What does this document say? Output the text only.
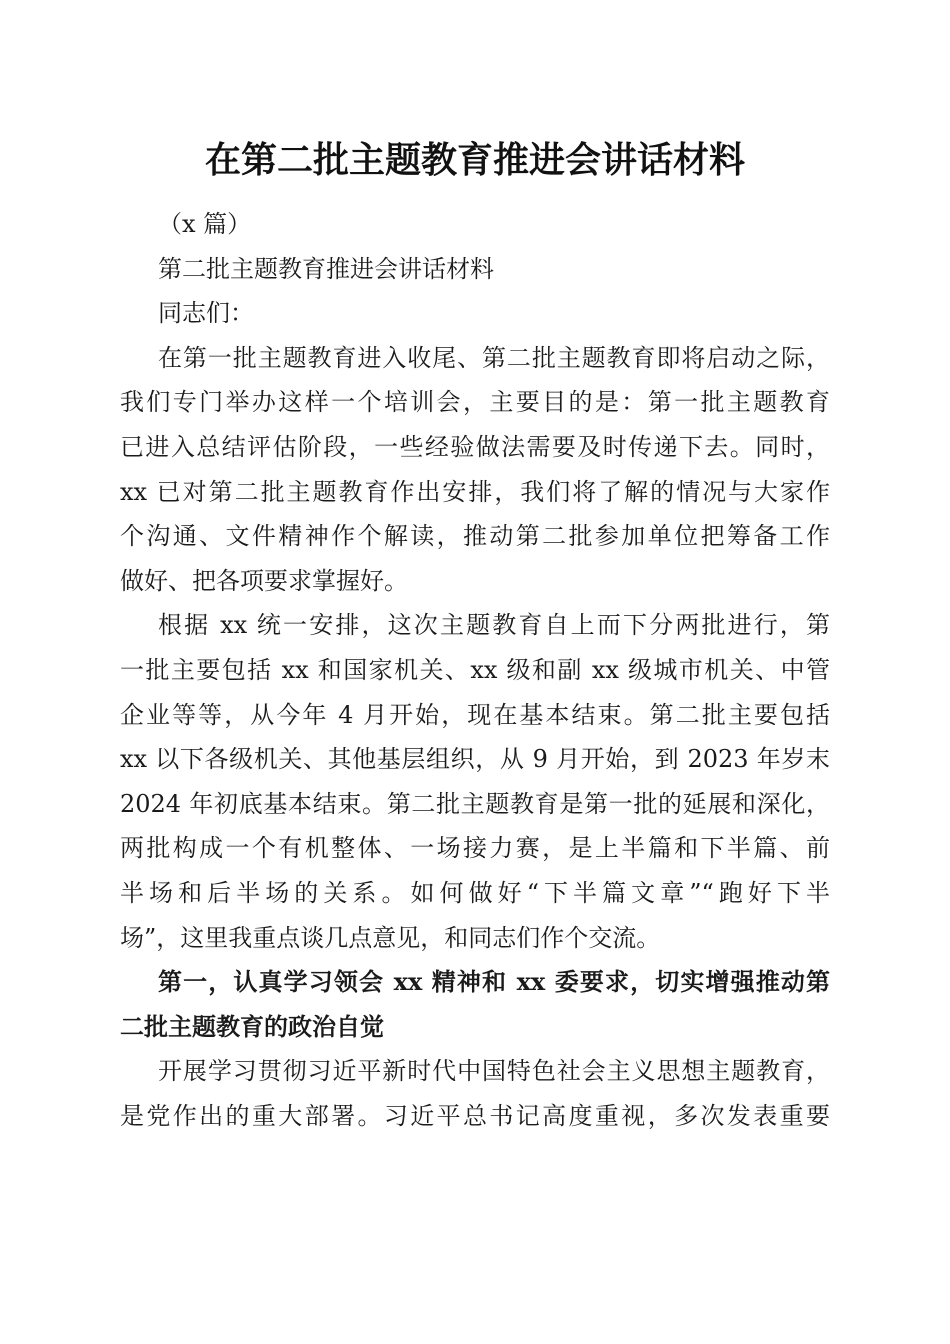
在第二批主题教育推进会讲话材料
（x 篇）
第二批主题教育推进会讲话材料
同志们：
在第一批主题教育进入收尾、第二批主题教育即将启动之际，
我们专门举办这样一个培训会，主要目的是：第一批主题教育
已进入总结评估阶段，一些经验做法需要及时传递下去。同时，
xx 已对第二批主题教育作出安排，我们将了解的情况与大家作
个沟通、文件精神作个解读，推动第二批参加单位把筹备工作
做好、把各项要求掌握好。
根据 xx 统一安排，这次主题教育自上而下分两批进行，第
一批主要包括 xx 和国家机关、xx 级和副 xx 级城市机关、中管
企业等等，从今年 4 月开始，现在基本结束。第二批主要包括
xx 以下各级机关、其他基层组织，从 9 月开始，到 2023 年岁末
2024 年初底基本结束。第二批主题教育是第一批的延展和深化，
两批构成一个有机整体、一场接力赛，是上半篇和下半篇、前
半场和后半场的关系。如何做好“下半篇文章”“跑好下半
场”，这里我重点谈几点意见，和同志们作个交流。
第一，认真学习领会 xx 精神和 xx 委要求，切实增强推动第
二批主题教育的政治自觉
开展学习贯彻习近平新时代中国特色社会主义思想主题教育，
是党作出的重大部署。习近平总书记高度重视，多次发表重要
